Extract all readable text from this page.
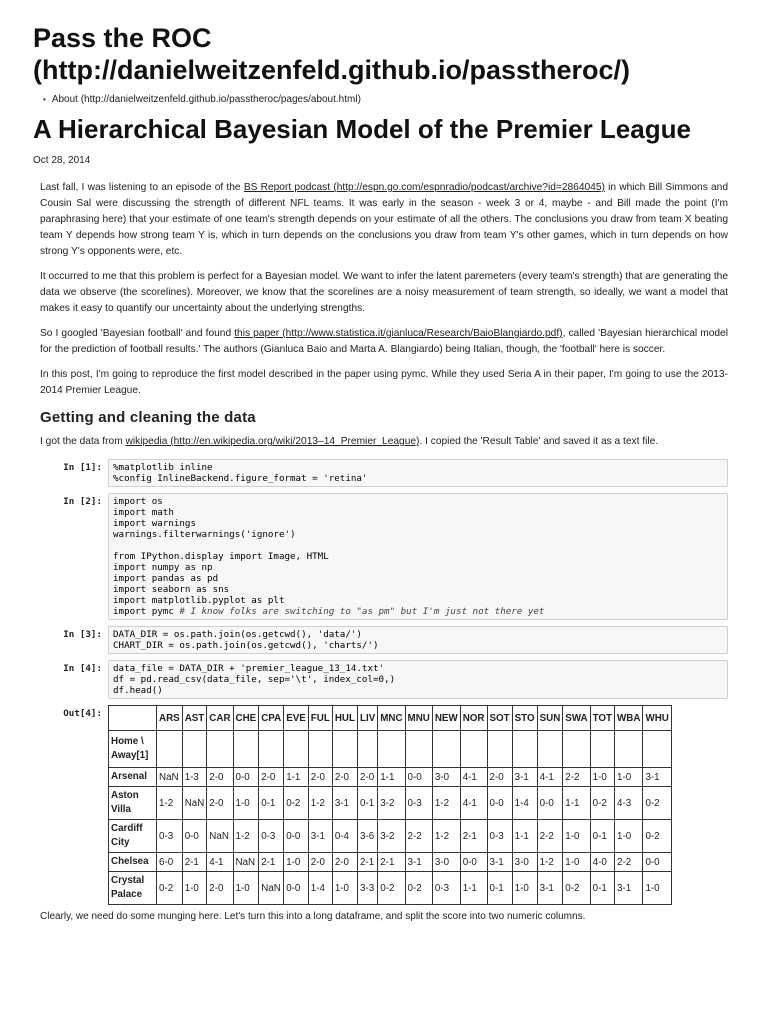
Pass the ROC (http://danielweitzenfeld.github.io/passtheroc/)
• About (http://danielweitzenfeld.github.io/passtheroc/pages/about.html)
A Hierarchical Bayesian Model of the Premier League
Oct 28, 2014

Last fall, I was listening to an episode of the BS Report podcast (http://espn.go.com/espnradio/podcast/archive?id=2864045) in which Bill Simmons and Cousin Sal were discussing the strength of different NFL teams. It was early in the season - week 3 or 4, maybe - and Bill made the point (I'm paraphrasing here) that your estimate of one team's strength depends on your estimate of all the others. The conclusions you draw from team X beating team Y depends how strong team Y is, which in turn depends on the conclusions you draw from team Y's other games, which in turn depends on how strong Y's opponents were, etc.

It occurred to me that this problem is perfect for a Bayesian model. We want to infer the latent paremeters (every team's strength) that are generating the data we observe (the scorelines). Moreover, we know that the scorelines are a noisy measurement of team strength, so ideally, we want a model that makes it easy to quantify our uncertainty about the underlying strengths.

So I googled 'Bayesian football' and found this paper (http://www.statistica.it/gianluca/Research/BaioBlangiardo.pdf), called 'Bayesian hierarchical model for the prediction of football results.' The authors (Gianluca Baio and Marta A. Blangiardo) being Italian, though, the 'football' here is soccer.

In this post, I'm going to reproduce the first model described in the paper using pymc. While they used Seria A in their paper, I'm going to use the 2013-2014 Premier League.

Getting and cleaning the data

I got the data from wikipedia (http://en.wikipedia.org/wiki/2013–14_Premier_League). I copied the 'Result Table' and saved it as a text file.

In [1]:	%matplotlib inline
%config InlineBackend.figure_format = 'retina'
In [2]:	import os
import math
import warnings
warnings.filterwarnings('ignore')

from IPython.display import Image, HTML
import numpy as np
import pandas as pd
import seaborn as sns
import matplotlib.pyplot as plt
import pymc # I know folks are switching to "as pm" but I'm just not there yet
In [3]:	DATA_DIR = os.path.join(os.getcwd(), 'data/')
CHART_DIR = os.path.join(os.getcwd(), 'charts/')
In [4]:	data_file = DATA_DIR + 'premier_league_13_14.txt'
df = pd.read_csv(data_file, sep='\t', index_col=0,)
df.head()
Out[4]:
		ARS	AST	CAR	CHE	CPA	EVE	FUL	HUL	LIV	MNC	MNU	NEW	NOR	SOT	STO	SUN	SWA	TOT	WBA	WHU
Home \ Away[1]																				
Arsenal	NaN	1-3	2-0	0-0	2-0	1-1	2-0	2-0	2-0	1-1	0-0	3-0	4-1	2-0	3-1	4-1	2-2	1-0	1-0	3-1
Aston Villa	1-2	NaN	2-0	1-0	0-1	0-2	1-2	3-1	0-1	3-2	0-3	1-2	4-1	0-0	1-4	0-0	1-1	0-2	4-3	0-2
Cardiff City	0-3	0-0	NaN	1-2	0-3	0-0	3-1	0-4	3-6	3-2	2-2	1-2	2-1	0-3	1-1	2-2	1-0	0-1	1-0	0-2
Chelsea	6-0	2-1	4-1	NaN	2-1	1-0	2-0	2-0	2-1	2-1	3-1	3-0	0-0	3-1	3-0	1-2	1-0	4-0	2-2	0-0
Crystal Palace	0-2	1-0	2-0	1-0	NaN	0-0	1-4	1-0	3-3	0-2	0-2	0-3	1-1	0-1	1-0	3-1	0-2	0-1	3-1	1-0
Clearly, we need do some munging here. Let's turn this into a long dataframe, and split the score into two numeric columns.
